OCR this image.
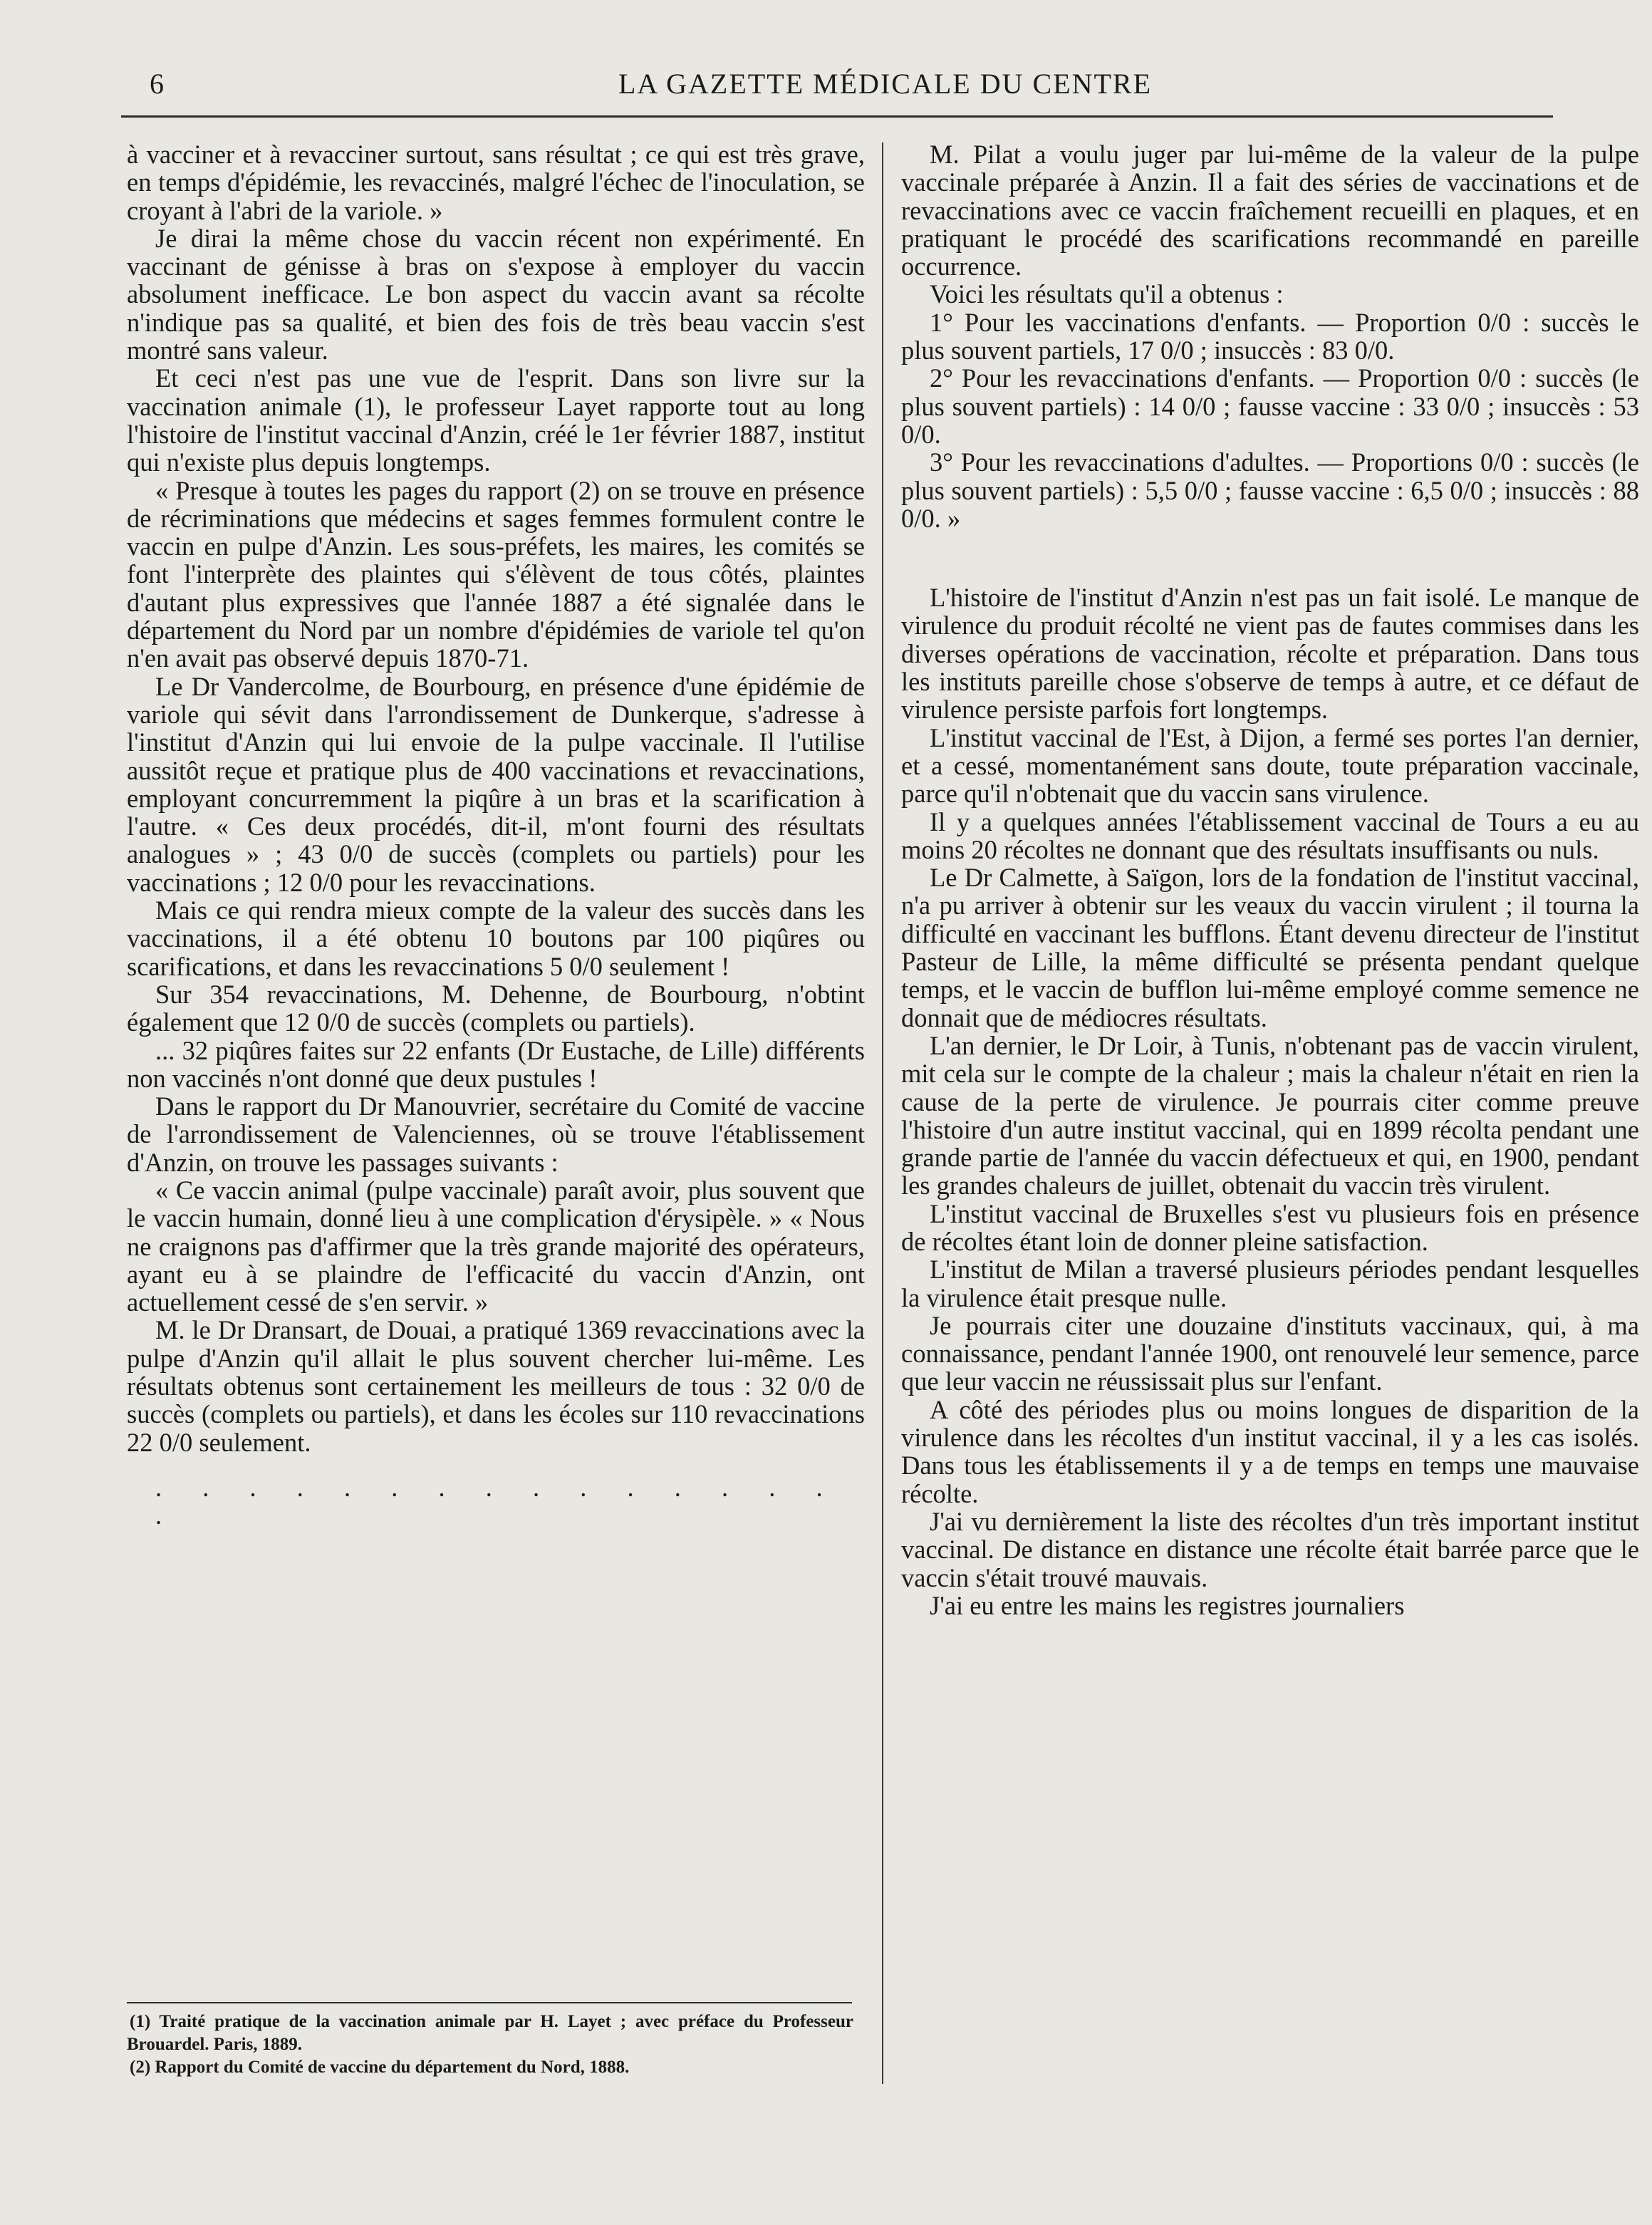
6	LA GAZETTE MÉDICALE DU CENTRE

à vacciner et à revacciner surtout, sans résultat ; ce qui est très grave, en temps d'épidémie, les revaccinés, malgré l'échec de l'inoculation, se croyant à l'abri de la variole. »

Je dirai la même chose du vaccin récent non expérimenté. En vaccinant de génisse à bras on s'expose à employer du vaccin absolument inefficace. Le bon aspect du vaccin avant sa récolte n'indique pas sa qualité, et bien des fois de très beau vaccin s'est montré sans valeur.

Et ceci n'est pas une vue de l'esprit. Dans son livre sur la vaccination animale (1), le professeur Layet rapporte tout au long l'histoire de l'institut vaccinal d'Anzin, créé le 1er février 1887, institut qui n'existe plus depuis longtemps.

« Presque à toutes les pages du rapport (2) on se trouve en présence de récriminations que médecins et sages femmes formulent contre le vaccin en pulpe d'Anzin. Les sous-préfets, les maires, les comités se font l'interprète des plaintes qui s'élèvent de tous côtés, plaintes d'autant plus expressives que l'année 1887 a été signalée dans le département du Nord par un nombre d'épidémies de variole tel qu'on n'en avait pas observé depuis 1870-71.

Le Dr Vandercolme, de Bourbourg, en présence d'une épidémie de variole qui sévit dans l'arrondissement de Dunkerque, s'adresse à l'institut d'Anzin qui lui envoie de la pulpe vaccinale. Il l'utilise aussitôt reçue et pratique plus de 400 vaccinations et revaccinations, employant concurremment la piqûre à un bras et la scarification à l'autre. « Ces deux procédés, dit-il, m'ont fourni des résultats analogues » ; 43 0/0 de succès (complets ou partiels) pour les vaccinations ; 12 0/0 pour les revaccinations.

Mais ce qui rendra mieux compte de la valeur des succès dans les vaccinations, il a été obtenu 10 boutons par 100 piqûres ou scarifications, et dans les revaccinations 5 0/0 seulement !

Sur 354 revaccinations, M. Dehenne, de Bourbourg, n'obtint également que 12 0/0 de succès (complets ou partiels).

... 32 piqûres faites sur 22 enfants (Dr Eustache, de Lille) différents non vaccinés n'ont donné que deux pustules !

Dans le rapport du Dr Manouvrier, secrétaire du Comité de vaccine de l'arrondissement de Valenciennes, où se trouve l'établissement d'Anzin, on trouve les passages suivants :

« Ce vaccin animal (pulpe vaccinale) paraît avoir, plus souvent que le vaccin humain, donné lieu à une complication d'érysipèle. » « Nous ne craignons pas d'affirmer que la très grande majorité des opérateurs, ayant eu à se plaindre de l'efficacité du vaccin d'Anzin, ont actuellement cessé de s'en servir. »

M. le Dr Dransart, de Douai, a pratiqué 1369 revaccinations avec la pulpe d'Anzin qu'il allait le plus souvent chercher lui-même. Les résultats obtenus sont certainement les meilleurs de tous : 32 0/0 de succès (complets ou partiels), et dans les écoles sur 110 revaccinations 22 0/0 seulement.

. . . . . . . . . . . . . . . .

M. Pilat a voulu juger par lui-même de la valeur de la pulpe vaccinale préparée à Anzin. Il a fait des séries de vaccinations et de revaccinations avec ce vaccin fraîchement recueilli en plaques, et en pratiquant le procédé des scarifications recommandé en pareille occurrence.

Voici les résultats qu'il a obtenus :

1° Pour les vaccinations d'enfants. — Proportion 0/0 : succès le plus souvent partiels, 17 0/0 ; insuccès : 83 0/0.

2° Pour les revaccinations d'enfants. — Proportion 0/0 : succès (le plus souvent partiels) : 14 0/0 ; fausse vaccine : 33 0/0 ; insuccès : 53 0/0.

3° Pour les revaccinations d'adultes. — Proportions 0/0 : succès (le plus souvent partiels) : 5,5 0/0 ; fausse vaccine : 6,5 0/0 ; insuccès : 88 0/0. »

L'histoire de l'institut d'Anzin n'est pas un fait isolé. Le manque de virulence du produit récolté ne vient pas de fautes commises dans les diverses opérations de vaccination, récolte et préparation. Dans tous les instituts pareille chose s'observe de temps à autre, et ce défaut de virulence persiste parfois fort longtemps.

L'institut vaccinal de l'Est, à Dijon, a fermé ses portes l'an dernier, et a cessé, momentanément sans doute, toute préparation vaccinale, parce qu'il n'obtenait que du vaccin sans virulence.

Il y a quelques années l'établissement vaccinal de Tours a eu au moins 20 récoltes ne donnant que des résultats insuffisants ou nuls.

Le Dr Calmette, à Saïgon, lors de la fondation de l'institut vaccinal, n'a pu arriver à obtenir sur les veaux du vaccin virulent ; il tourna la difficulté en vaccinant les bufflons. Étant devenu directeur de l'institut Pasteur de Lille, la même difficulté se présenta pendant quelque temps, et le vaccin de bufflon lui-même employé comme semence ne donnait que de médiocres résultats.

L'an dernier, le Dr Loir, à Tunis, n'obtenant pas de vaccin virulent, mit cela sur le compte de la chaleur ; mais la chaleur n'était en rien la cause de la perte de virulence. Je pourrais citer comme preuve l'histoire d'un autre institut vaccinal, qui en 1899 récolta pendant une grande partie de l'année du vaccin défectueux et qui, en 1900, pendant les grandes chaleurs de juillet, obtenait du vaccin très virulent.

L'institut vaccinal de Bruxelles s'est vu plusieurs fois en présence de récoltes étant loin de donner pleine satisfaction.

L'institut de Milan a traversé plusieurs périodes pendant lesquelles la virulence était presque nulle.

Je pourrais citer une douzaine d'instituts vaccinaux, qui, à ma connaissance, pendant l'année 1900, ont renouvelé leur semence, parce que leur vaccin ne réussissait plus sur l'enfant.

A côté des périodes plus ou moins longues de disparition de la virulence dans les récoltes d'un institut vaccinal, il y a les cas isolés. Dans tous les établissements il y a de temps en temps une mauvaise récolte.

J'ai vu dernièrement la liste des récoltes d'un très important institut vaccinal. De distance en distance une récolte était barrée parce que le vaccin s'était trouvé mauvais.

J'ai eu entre les mains les registres journaliers

(1) Traité pratique de la vaccination animale par H. Layet ; avec préface du Professeur Brouardel. Paris, 1889.

(2) Rapport du Comité de vaccine du département du Nord, 1888.
